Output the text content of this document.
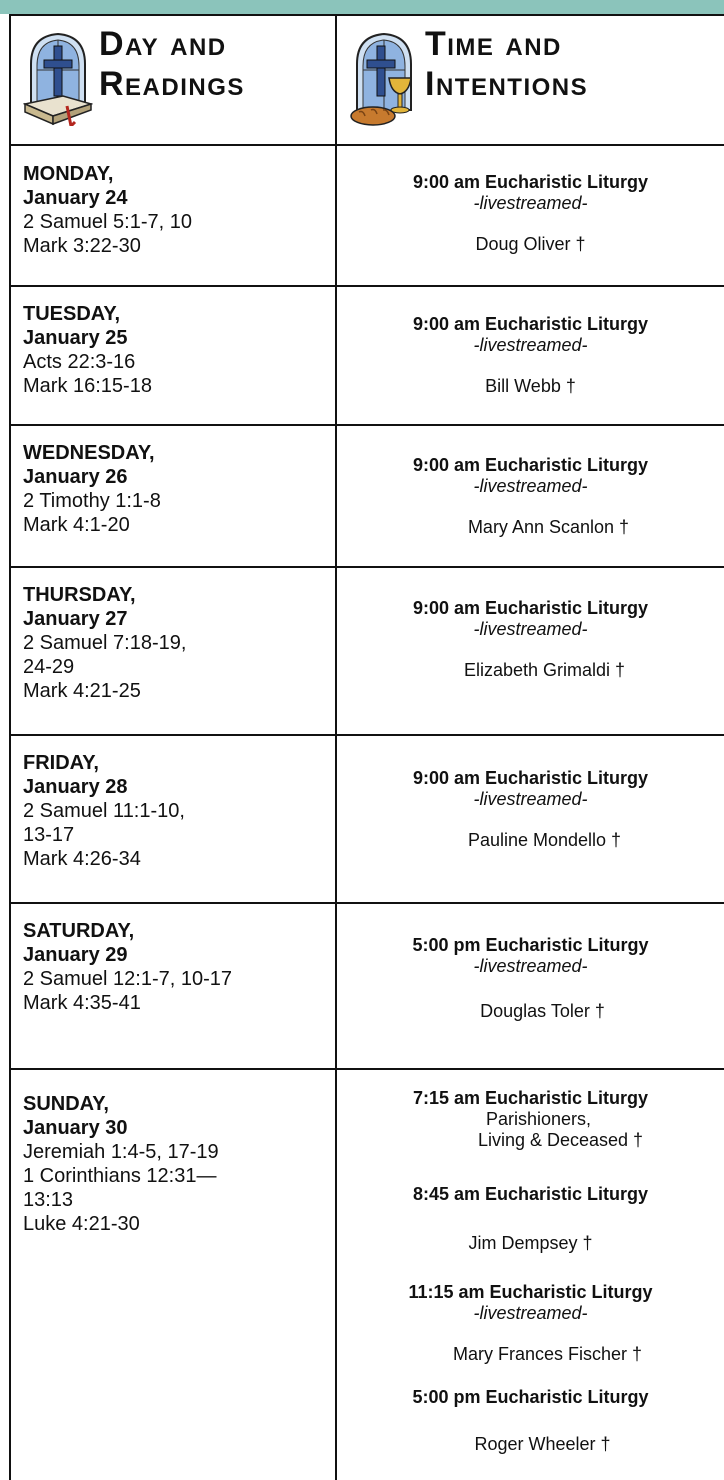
Day and
Readings
Time and
Intentions
MONDAY,
January 24
2 Samuel 5:1-7, 10
Mark 3:22-30
9:00 am Eucharistic Liturgy
-livestreamed-
Doug Oliver †
TUESDAY,
January 25
Acts 22:3-16
Mark 16:15-18
9:00 am Eucharistic Liturgy
-livestreamed-
Bill Webb †
WEDNESDAY,
January 26
2 Timothy 1:1-8
Mark 4:1-20
9:00 am Eucharistic Liturgy
-livestreamed-
Mary Ann Scanlon †
THURSDAY,
January 27
2 Samuel 7:18-19,
24-29
Mark 4:21-25
9:00 am Eucharistic Liturgy
-livestreamed-
Elizabeth Grimaldi †
FRIDAY,
January 28
2 Samuel 11:1-10,
13-17
Mark 4:26-34
9:00 am Eucharistic Liturgy
-livestreamed-
Pauline Mondello †
SATURDAY,
January 29
2 Samuel 12:1-7, 10-17
Mark 4:35-41
5:00 pm Eucharistic Liturgy
-livestreamed-
Douglas Toler †
SUNDAY,
January 30
Jeremiah 1:4-5, 17-19
1 Corinthians 12:31—
13:13
Luke 4:21-30
7:15 am Eucharistic Liturgy
Parishioners,
Living & Deceased †
8:45 am Eucharistic Liturgy
Jim Dempsey †
11:15 am Eucharistic Liturgy
-livestreamed-
Mary Frances Fischer †
5:00 pm Eucharistic Liturgy
Roger Wheeler †
